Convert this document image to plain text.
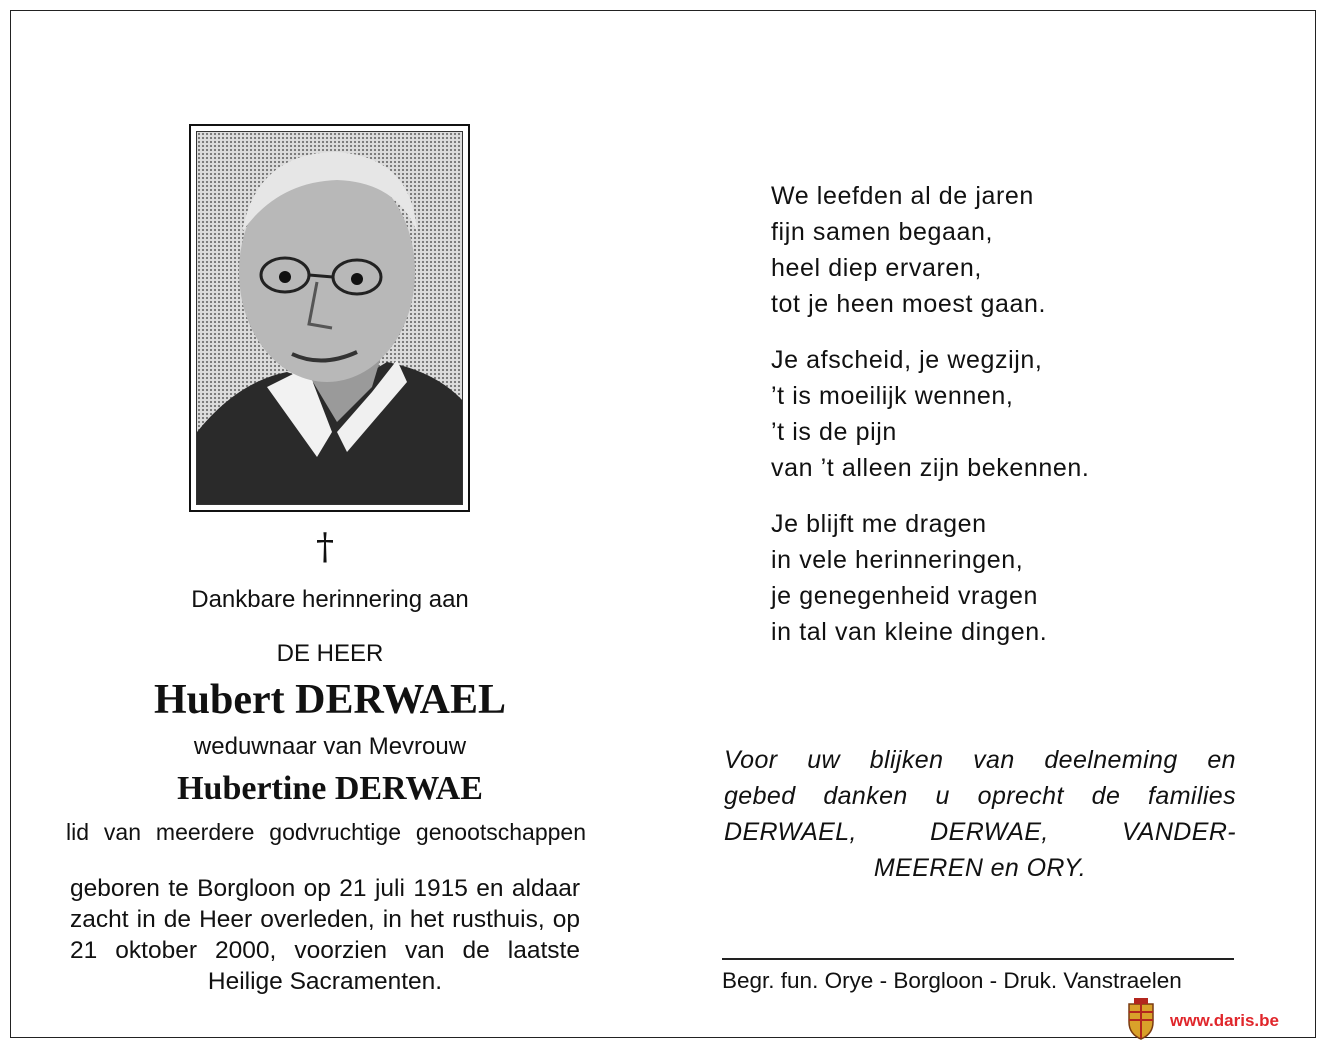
†
Dankbare herinnering aan
DE HEER
Hubert DERWAEL
weduwnaar van Mevrouw
Hubertine DERWAE
lid van meerdere godvruchtige genootschappen
geboren te Borgloon op 21 juli 1915 en aldaar
zacht in de Heer overleden, in het rusthuis, op
21 oktober 2000, voorzien van de laatste
Heilige Sacramenten.
We leefden al de jaren
fijn samen begaan,
heel diep ervaren,
tot je heen moest gaan.
Je afscheid, je wegzijn,
’t is moeilijk wennen,
’t is de pijn
van ’t alleen zijn bekennen.
Je blijft me dragen
in vele herinneringen,
je genegenheid vragen
in tal van kleine dingen.
Voor uw blijken van deelneming en
gebed danken u oprecht de families
DERWAEL, DERWAE, VANDER-
MEEREN en ORY.
Begr. fun. Orye - Borgloon - Druk. Vanstraelen
www.daris.be
